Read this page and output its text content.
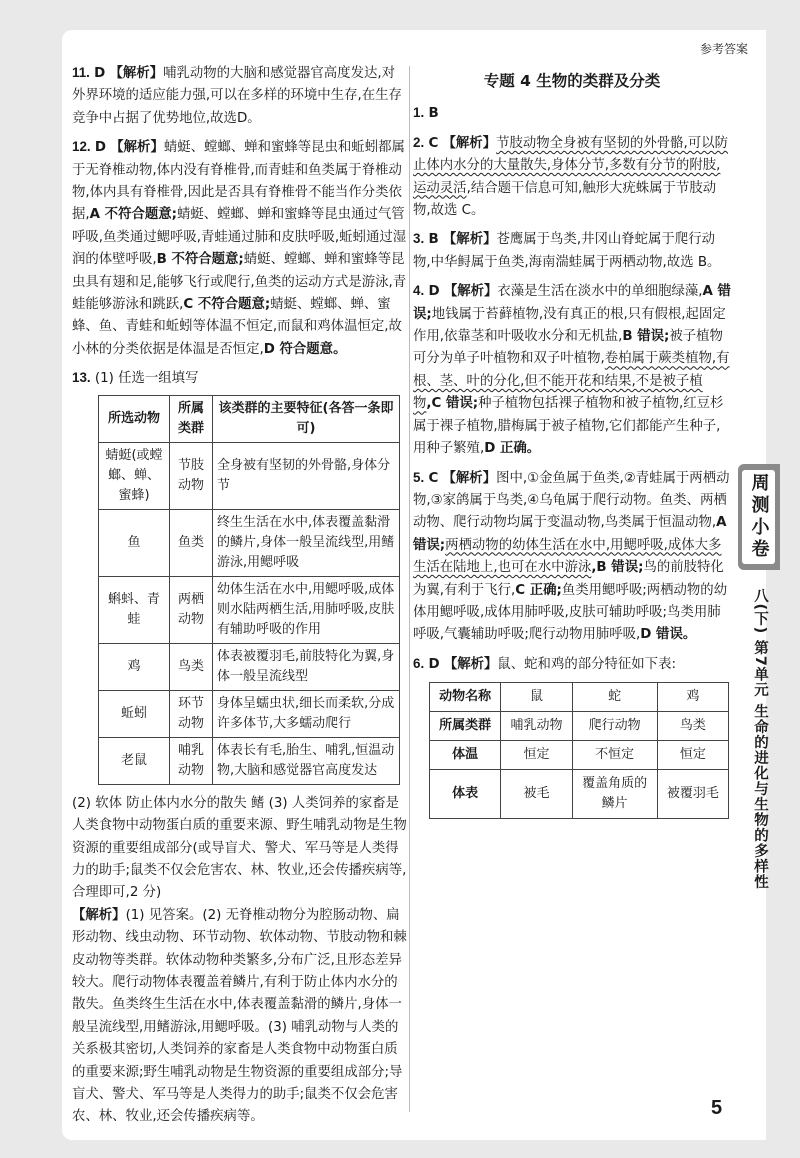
参考答案

11. D 【解析】哺乳动物的大脑和感觉器官高度发达,对外界环境的适应能力强,可以在多样的环境中生存,在生存竞争中占据了优势地位,故选D。

12. D 【解析】蜻蜓、螳螂、蝉和蜜蜂等昆虫和蚯蚓都属于无脊椎动物,体内没有脊椎骨,而青蛙和鱼类属于脊椎动物,体内具有脊椎骨,因此是否具有脊椎骨不能当作分类依据,A 不符合题意;蜻蜓、螳螂、蝉和蜜蜂等昆虫通过气管呼吸,鱼类通过鳃呼吸,青蛙通过肺和皮肤呼吸,蚯蚓通过湿润的体壁呼吸,B 不符合题意;蜻蜓、螳螂、蝉和蜜蜂等昆虫具有翅和足,能够飞行或爬行,鱼类的运动方式是游泳,青蛙能够游泳和跳跃,C 不符合题意;蜻蜓、螳螂、蝉、蜜蜂、鱼、青蛙和蚯蚓等体温不恒定,而鼠和鸡体温恒定,故小林的分类依据是体温是否恒定,D 符合题意。

13. (1) 任选一组填写

所选动物	所属类群	该类群的主要特征(各答一条即可)
蜻蜓(或螳螂、蝉、蜜蜂)	节肢动物	全身被有坚韧的外骨骼,身体分节
鱼	鱼类	终生生活在水中,体表覆盖黏滑的鳞片,身体一般呈流线型,用鳍游泳,用鳃呼吸
蝌蚪、青蛙	两栖动物	幼体生活在水中,用鳃呼吸,成体则水陆两栖生活,用肺呼吸,皮肤有辅助呼吸的作用
鸡	鸟类	体表被覆羽毛,前肢特化为翼,身体一般呈流线型
蚯蚓	环节动物	身体呈蠕虫状,细长而柔软,分成许多体节,大多蠕动爬行
老鼠	哺乳动物	体表长有毛,胎生、哺乳,恒温动物,大脑和感觉器官高度发达

(2) 软体 防止体内水分的散失 鳍 (3) 人类饲养的家畜是人类食物中动物蛋白质的重要来源、野生哺乳动物是生物资源的重要组成部分(或导盲犬、警犬、军马等是人类得力的助手;鼠类不仅会危害农、林、牧业,还会传播疾病等,合理即可,2 分)

【解析】(1) 见答案。(2) 无脊椎动物分为腔肠动物、扁形动物、线虫动物、环节动物、软体动物、节肢动物和棘皮动物等类群。软体动物种类繁多,分布广泛,且形态差异较大。爬行动物体表覆盖着鳞片,有利于防止体内水分的散失。鱼类终生生活在水中,体表覆盖黏滑的鳞片,身体一般呈流线型,用鳍游泳,用鳃呼吸。(3) 哺乳动物与人类的关系极其密切,人类饲养的家畜是人类食物中动物蛋白质的重要来源;野生哺乳动物是生物资源的重要组成部分;导盲犬、警犬、军马等是人类得力的助手;鼠类不仅会危害农、林、牧业,还会传播疾病等。

专题 4 生物的类群及分类

1. B

2. C 【解析】节肢动物全身被有坚韧的外骨骼,可以防止体内水分的大量散失,身体分节,多数有分节的附肢,运动灵活,结合题干信息可知,触形大疣蛛属于节肢动物,故选 C。

3. B 【解析】苍鹰属于鸟类,井冈山脊蛇属于爬行动物,中华鲟属于鱼类,海南湍蛙属于两栖动物,故选 B。

4. D 【解析】衣藻是生活在淡水中的单细胞绿藻,A 错误;地钱属于苔藓植物,没有真正的根,只有假根,起固定作用,依靠茎和叶吸收水分和无机盐,B 错误;被子植物可分为单子叶植物和双子叶植物,卷柏属于蕨类植物,有根、茎、叶的分化,但不能开花和结果,不是被子植物,C 错误;种子植物包括裸子植物和被子植物,红豆杉属于裸子植物,腊梅属于被子植物,它们都能产生种子,用种子繁殖,D 正确。

5. C 【解析】图中,①金鱼属于鱼类,②青蛙属于两栖动物,③家鸽属于鸟类,④乌龟属于爬行动物。鱼类、两栖动物、爬行动物均属于变温动物,鸟类属于恒温动物,A 错误;两栖动物的幼体生活在水中,用鳃呼吸,成体大多生活在陆地上,也可在水中游泳,B 错误;鸟的前肢特化为翼,有利于飞行,C 正确;鱼类用鳃呼吸;两栖动物的幼体用鳃呼吸,成体用肺呼吸,皮肤可辅助呼吸;鸟类用肺呼吸,气囊辅助呼吸;爬行动物用肺呼吸,D 错误。

6. D 【解析】鼠、蛇和鸡的部分特征如下表:

动物名称	鼠	蛇	鸡
所属类群	哺乳动物	爬行动物	鸟类
体温	恒定	不恒定	恒定
体表	被毛	覆盖角质的鳞片	被覆羽毛
周测小卷
八(下) 第7单元 生命的进化与生物的多样性
5
